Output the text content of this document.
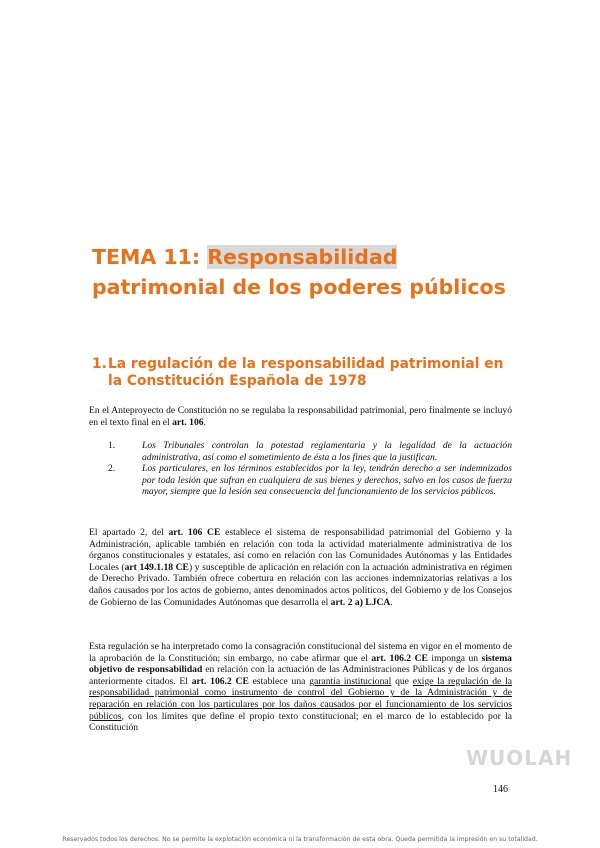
TEMA 11: Responsabilidad patrimonial de los poderes públicos
1. La regulación de la responsabilidad patrimonial en la Constitución Española de 1978

En el Anteproyecto de Constitución no se regulaba la responsabilidad patrimonial, pero finalmente se incluyó en el texto final en el art. 106.

1.	Los Tribunales controlan la potestad reglamentaria y la legalidad de la actuación administrativa, así como el sometimiento de ésta a los fines que la justifican.
2.	Los particulares, en los términos establecidos por la ley, tendrán derecho a ser indemnizados por toda lesión que sufran en cualquiera de sus bienes y derechos, salvo en los casos de fuerza mayor, siempre que la lesión sea consecuencia del funcionamiento de los servicios públicos.

El apartado 2, del art. 106 CE establece el sistema de responsabilidad patrimonial del Gobierno y la Administración, aplicable también en relación con toda la actividad materialmente administrativa de los órganos constitucionales y estatales, así como en relación con las Comunidades Autónomas y las Entidades Locales (art 149.1.18 CE) y susceptible de aplicación en relación con la actuación administrativa en régimen de Derecho Privado. También ofrece cobertura en relación con las acciones indemnizatorias relativas a los daños causados por los actos de gobierno, antes denominados actos políticos, del Gobierno y de los Consejos de Gobierno de las Comunidades Autónomas que desarrolla el art. 2 a) LJCA.

Esta regulación se ha interpretado como la consagración constitucional del sistema en vigor en el momento de la aprobación de la Constitución; sin embargo, no cabe afirmar que el art. 106.2 CE imponga un sistema objetivo de responsabilidad en relación con la actuación de las Administraciones Públicas y de los órganos anteriormente citados. El art. 106.2 CE establece una garantía institucional que exige la regulación de la responsabilidad patrimonial como instrumento de control del Gobierno y de la Administración y de reparación en relación con los particulares por los daños causados por el funcionamiento de los servicios públicos, con los límites que define el propio texto constitucional; en el marco de lo establecido por la Constitución

WUOLAH
146
Reservados todos los derechos. No se permite la explotación económica ni la transformación de esta obra. Queda permitida la impresión en su totalidad.
